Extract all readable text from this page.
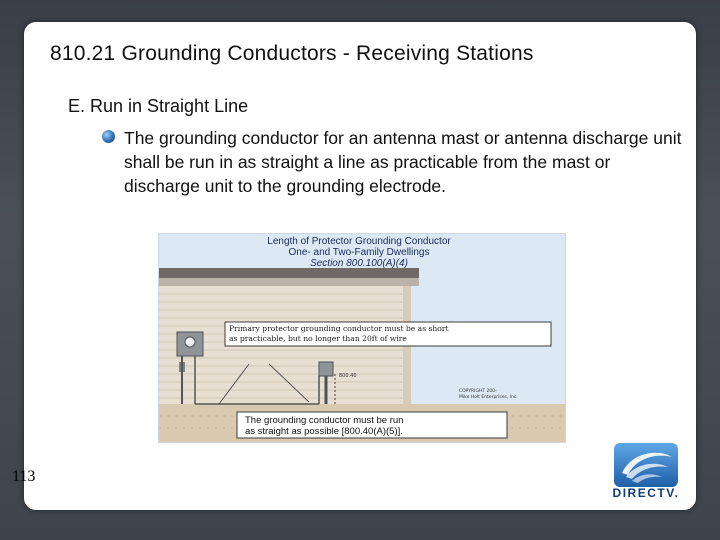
810.21 Grounding Conductors - Receiving Stations
E. Run in Straight Line
The grounding conductor for an antenna mast or antenna discharge unit shall be run in as straight a line as practicable from the mast or discharge unit to the grounding electrode.
800.40
Length of Protector Grounding Conductor
One- and Two-Family Dwellings
Section 800.100(A)(4)
Primary protector grounding conductor must be as short
as practicable, but no longer than 20ft of wire
COPYRIGHT 200-
Mike Holt Enterprises, Inc
The grounding conductor must be run
as straight as possible [800.40(A)(5)].
113
DIRECTV.
